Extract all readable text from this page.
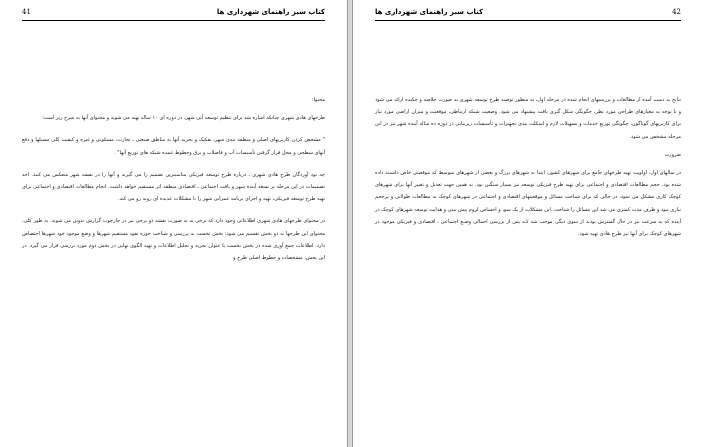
41	کتاب سبز راهنمای شهرداری ها

محتوا:

طرحهای هادی شهری چنانکه اشاره شد برای تنظیم توسعه آتی شهر، در دوره ای ۱۰ ساله تهیه می شوند و محتوای آنها به شرح زیر است:

" مشخص کردن کاربریهای اصلی و منطقه بندی شهر، تفکیک و تجزیه آنها به مناطق صنعتی ـ تجارت، مسکونی و غیره و کیفیت کلی مسیلها و دفع آبهای سطحی و محل قرار گرفتن تأسیسات آب و فاضلاب و برق وخطوط عمده شبکه های توزیع آنها" .

چه بود آوردگان طرح هادی شهری ، درباره طرح توسعه فیزیکی مناسبترین تصمیم را می گیرند و آنها را در نقشه شهر منعکس می کنند. اخذ تصمیمات در این مرحله بر تسعه آینده شهر و بافت اجتماعی ـ اقتصادی منطقه اثر مستقیم خواهد داشت. انجام مطالعات اقتصادی و اجتماعی برای تهیه طرح توسعه فیزیکی، تهیه و اجرای برنامه عمرانی شهر را با مشکلات عدیده ای روبه رو می کند.

در محتوای طرحهای هادی شهری اطلاعاتی وجود دارد که برخی نه به صورت نقشه دو برخی نیز در چارچوب گزارش تدوین می شوند. به طور کلی، محتوای این طرحها به دو بخش تقسیم می شود: بخش نخست به بررسی و شناخت حوزه نفوذ مستقیم شهرها و وضع موجود خود شهرها اختصاص دارد. اطلاعات جمع آوری شده در بخش نخست با عنوان تجزیه و تحلیل اطلاعات و تهیه الگوی نهایی در بخش دوم مورد بررسی قرار می گیرد. در این بخش، مشخصات و خطوط اصلی طرح و

42
کتاب سبز راهنمای شهرداری ها

نتایج به دست آمده از مطالعات و بررسیهای انجام شده در مرحله اول، به منظور توصیه طرح توسعه شهری به صورت خلاصه و چکیده ارائه می شود و با توجه به معیارهای طراحی مورد نظر، چگونگی شکل گیری بافت پیشنهاد می شود. وضعیت شبکه ارتباطی، موقعیت و میزان اراضی مورد نیاز برای کاربریهای گوناگون، چگونگی توزیع خدمات و تسهیلات لازم و اسکلت بندی تجهیزات و تأسیسات زیربنایی در دوره ده ساله آینده شهر نیز در این مرحله مشخص می شود.

ضرورت

در سالهای اول، اولویت تهیه طرحهای جامع برای شهرهای کشور، ابتدا به شهرهای بزرگ و بعضی از شهرهای متوسط که موقعیتی خاص داشتند داده شده بود. حجم مطالعات اقتصادی و اجتماعی برای تهیه طرح فیزیکی توسعه نیز بسیار سنگین بود. به همین جهت تعدیل و تغییر آنها برای شهرهای کوچک کاری مشکل می نمود، در حالی که برای شناخت مسائل و موقعیتهای اقتصادی و اجتماعی در شهرهای کوچک به مطالعات طولانی و پرحجم نیازی نبود و ظرف مدت کمتری می شد این مسائل را شناخت. این مشکلات از یک سو، و احساس لزوم پیش بینی و هدایت توسعه شهرهای کوچک در آینده که به سرعت نیز در حال گسترش بودند از سوی دیگر، موجب شد کـه پس از بررسی اجمالی وضـع اجتماعی ـ اقتصادی و فیزیکی موجود در شهرهای کوچک برای آنها نیز طرح هادی تهیه شود.
